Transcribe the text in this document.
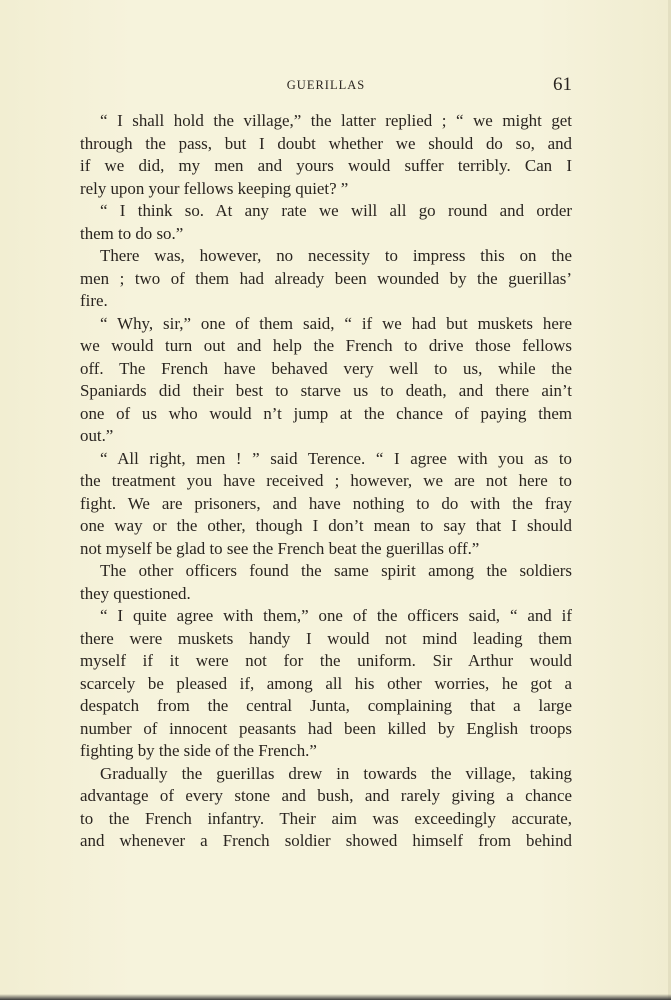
GUERILLAS	61
“ I shall hold the village,” the latter replied ; “ we might get
through the pass, but I doubt whether we should do so, and
if we did, my men and yours would suffer terribly. Can I
rely upon your fellows keeping quiet? ”
“ I think so. At any rate we will all go round and order
them to do so.”
There was, however, no necessity to impress this on the
men ; two of them had already been wounded by the guerillas’
fire.
“ Why, sir,” one of them said, “ if we had but muskets here
we would turn out and help the French to drive those fellows
off. The French have behaved very well to us, while the
Spaniards did their best to starve us to death, and there ain’t
one of us who would n’t jump at the chance of paying them
out.”
“ All right, men ! ” said Terence. “ I agree with you as to
the treatment you have received ; however, we are not here to
fight. We are prisoners, and have nothing to do with the fray
one way or the other, though I don’t mean to say that I should
not myself be glad to see the French beat the guerillas off.”
The other officers found the same spirit among the soldiers
they questioned.
“ I quite agree with them,” one of the officers said, “ and if
there were muskets handy I would not mind leading them
myself if it were not for the uniform. Sir Arthur would
scarcely be pleased if, among all his other worries, he got a
despatch from the central Junta, complaining that a large
number of innocent peasants had been killed by English troops
fighting by the side of the French.”
Gradually the guerillas drew in towards the village, taking
advantage of every stone and bush, and rarely giving a chance
to the French infantry. Their aim was exceedingly accurate,
and whenever a French soldier showed himself from behind
